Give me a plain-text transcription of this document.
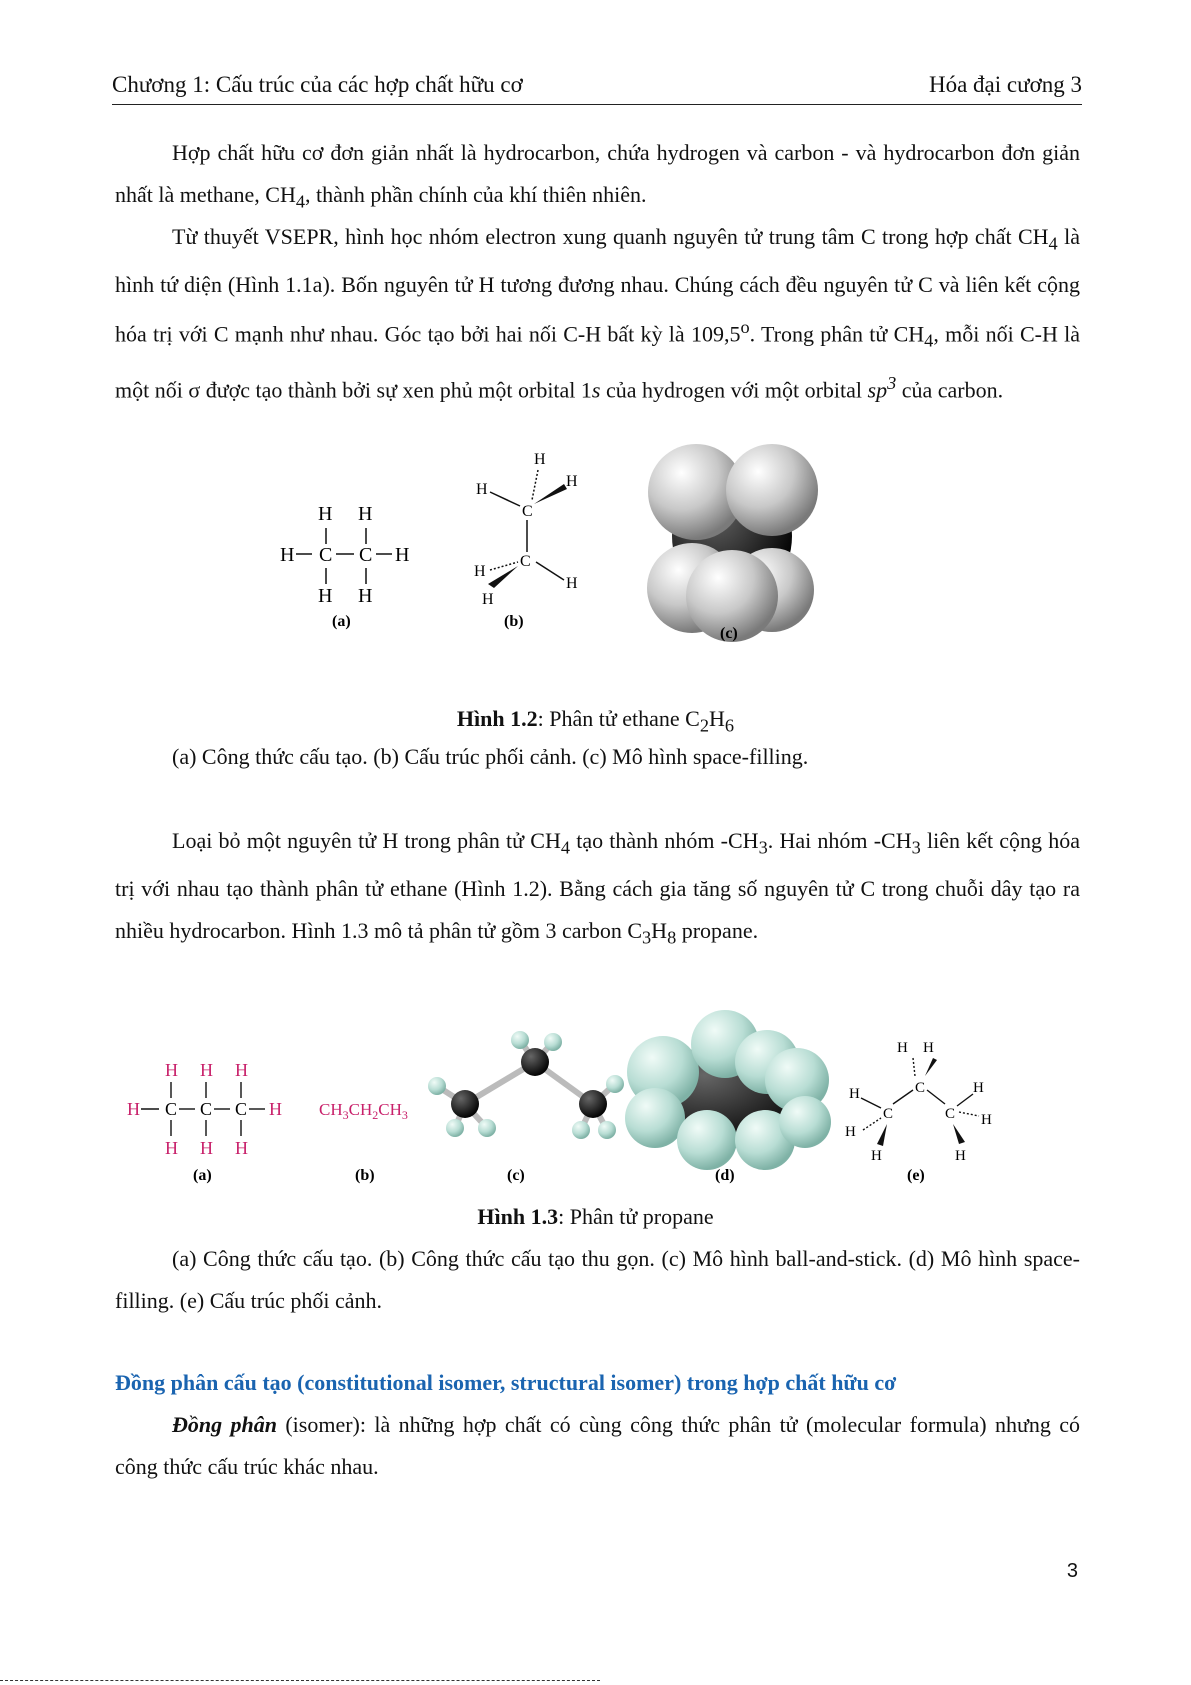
Chương 1: Cấu trúc của các hợp chất hữu cơ	Hóa đại cương 3

Hợp chất hữu cơ đơn giản nhất là hydrocarbon, chứa hydrogen và carbon - và hydrocarbon đơn giản nhất là methane, $CH_4$, thành phần chính của khí thiên nhiên.

Từ thuyết VSEPR, hình học nhóm electron xung quanh nguyên tử trung tâm C trong hợp chất $CH_4$ là hình tứ diện (Hình 1.1a). Bốn nguyên tử H tương đương nhau. Chúng cách đều nguyên tử C và liên kết cộng hóa trị với C mạnh như nhau. Góc tạo bởi hai nối C-H bất kỳ là 109,5$^o$. Trong phân tử $CH_4$, mỗi nối C-H là một nối σ được tạo thành bởi sự xen phủ một orbital 1s của hydrogen với một orbital $sp^3$ của carbon.

H H
H C C H
H H
(a)
H
H	H
C
C
H
H
H
(b)
(c)
Hình 1.2: Phân tử ethane $C_2H_6$

(a) Công thức cấu tạo. (b) Cấu trúc phối cảnh. (c) Mô hình space-filling.

Loại bỏ một nguyên tử H trong phân tử $CH_4$ tạo thành nhóm $-CH_3$. Hai nhóm $-CH_3$ liên kết cộng hóa trị với nhau tạo thành phân tử ethane (Hình 1.2). Bằng cách gia tăng số nguyên tử C trong chuỗi dây tạo ra nhiều hydrocarbon. Hình 1.3 mô tả phân tử gồm 3 carbon $C_3H_8$ propane.

H H H
H C C C H
H H H
(a)
$CH_3CH_2CH_3$
(b)	(c)	(d)
H H
C
C	C
H
H
H
H
H
H
(e)
Hình 1.3: Phân tử propane

(a) Công thức cấu tạo. (b) Công thức cấu tạo thu gọn. (c) Mô hình ball-and-stick. (d) Mô hình space-filling. (e) Cấu trúc phối cảnh.

Đồng phân cấu tạo (constitutional isomer, structural isomer) trong hợp chất hữu cơ

Đồng phân (isomer): là những hợp chất có cùng công thức phân tử (molecular formula) nhưng có công thức cấu trúc khác nhau.

3
